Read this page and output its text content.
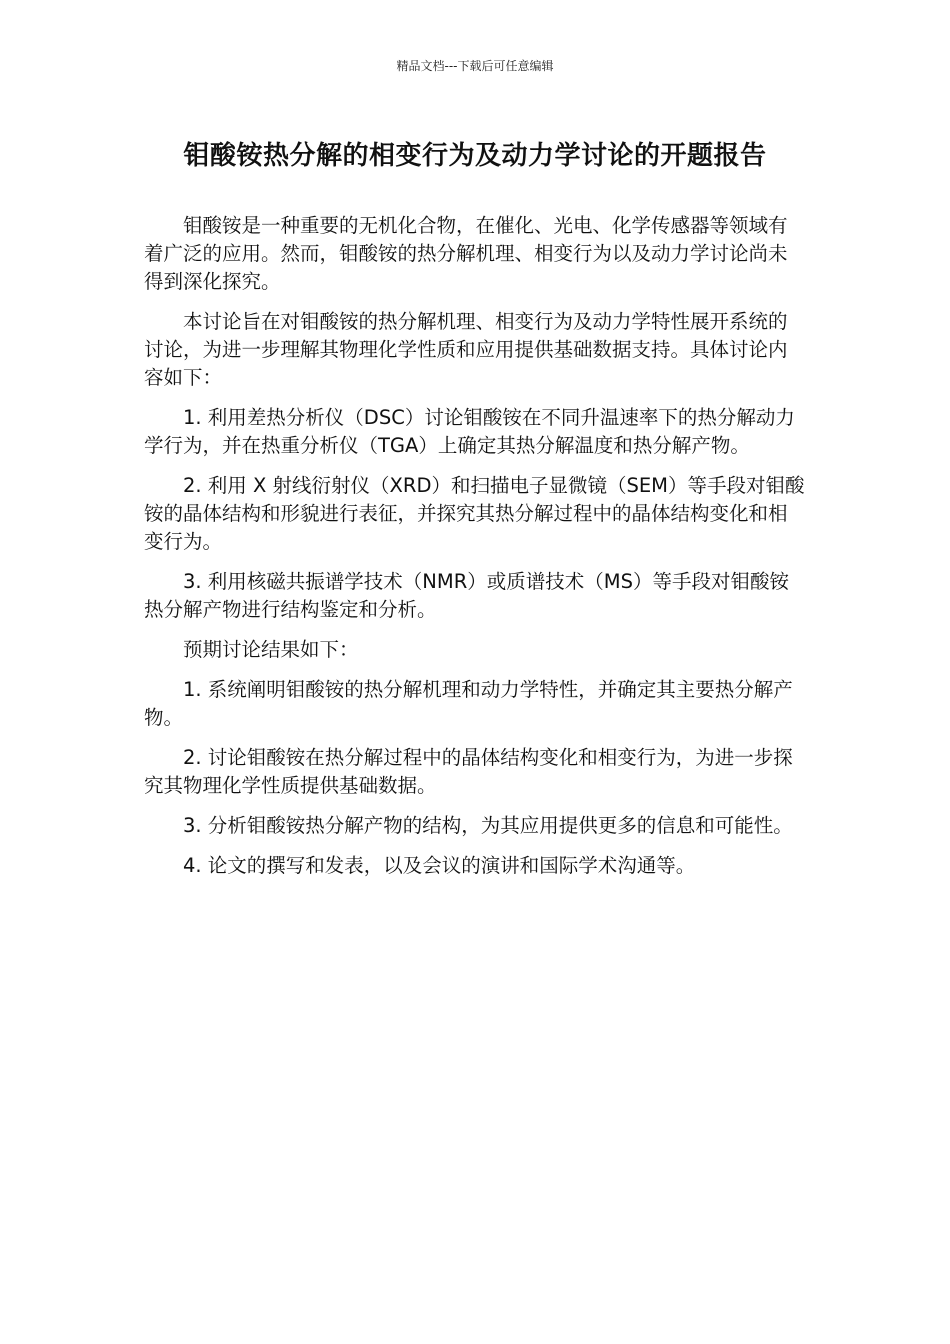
精品文档---下载后可任意编辑
钼酸铵热分解的相变行为及动力学讨论的开题报告

钼酸铵是一种重要的无机化合物，在催化、光电、化学传感器等领域有着广泛的应用。然而，钼酸铵的热分解机理、相变行为以及动力学讨论尚未得到深化探究。

本讨论旨在对钼酸铵的热分解机理、相变行为及动力学特性展开系统的讨论，为进一步理解其物理化学性质和应用提供基础数据支持。具体讨论内容如下：

1. 利用差热分析仪（DSC）讨论钼酸铵在不同升温速率下的热分解动力学行为，并在热重分析仪（TGA）上确定其热分解温度和热分解产物。

2. 利用 X 射线衍射仪（XRD）和扫描电子显微镜（SEM）等手段对钼酸铵的晶体结构和形貌进行表征，并探究其热分解过程中的晶体结构变化和相变行为。

3. 利用核磁共振谱学技术（NMR）或质谱技术（MS）等手段对钼酸铵热分解产物进行结构鉴定和分析。

预期讨论结果如下：

1. 系统阐明钼酸铵的热分解机理和动力学特性，并确定其主要热分解产物。

2. 讨论钼酸铵在热分解过程中的晶体结构变化和相变行为，为进一步探究其物理化学性质提供基础数据。

3. 分析钼酸铵热分解产物的结构，为其应用提供更多的信息和可能性。

4. 论文的撰写和发表，以及会议的演讲和国际学术沟通等。
